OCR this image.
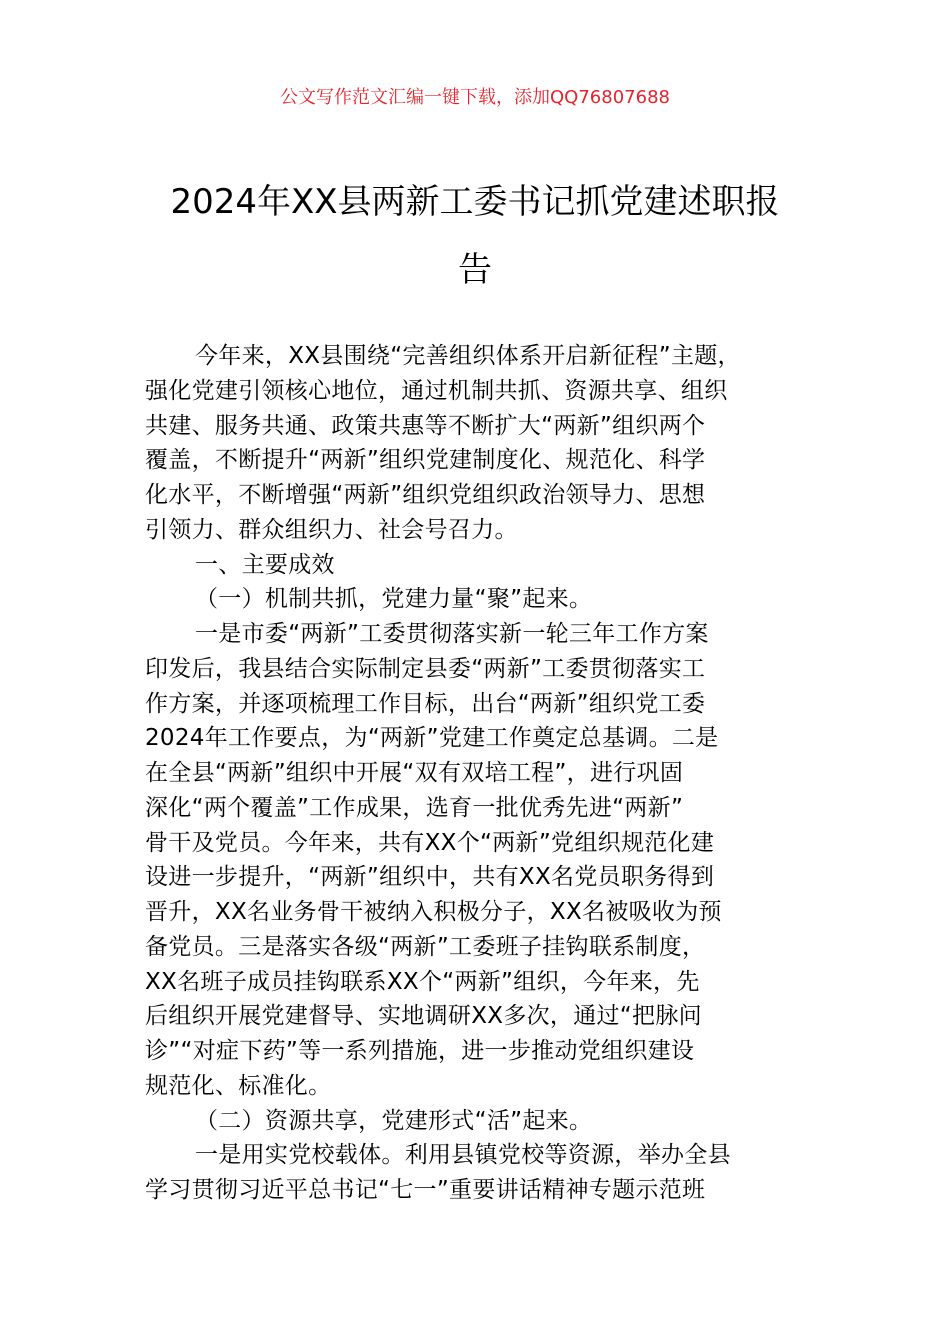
公文写作范文汇编一键下载，添加QQ76807688
2024年XX县两新工委书记抓党建述职报
告
今年来，XX县围绕“完善组织体系开启新征程”主题，
强化党建引领核心地位，通过机制共抓、资源共享、组织
共建、服务共通、政策共惠等不断扩大“两新”组织两个
覆盖，不断提升“两新”组织党建制度化、规范化、科学
化水平，不断增强“两新”组织党组织政治领导力、思想
引领力、群众组织力、社会号召力。
一、主要成效
（一）机制共抓，党建力量“聚”起来。
一是市委“两新”工委贯彻落实新一轮三年工作方案
印发后，我县结合实际制定县委“两新”工委贯彻落实工
作方案，并逐项梳理工作目标，出台“两新”组织党工委
2024年工作要点，为“两新”党建工作奠定总基调。二是
在全县“两新”组织中开展“双有双培工程”，进行巩固
深化“两个覆盖”工作成果，选育一批优秀先进“两新”
骨干及党员。今年来，共有XX个“两新”党组织规范化建
设进一步提升，“两新”组织中，共有XX名党员职务得到
晋升，XX名业务骨干被纳入积极分子，XX名被吸收为预
备党员。三是落实各级“两新”工委班子挂钩联系制度，
XX名班子成员挂钩联系XX个“两新”组织，今年来，先
后组织开展党建督导、实地调研XX多次，通过“把脉问
诊”“对症下药”等一系列措施，进一步推动党组织建设
规范化、标准化。
（二）资源共享，党建形式“活”起来。
一是用实党校载体。利用县镇党校等资源，举办全县
学习贯彻习近平总书记“七一”重要讲话精神专题示范班
